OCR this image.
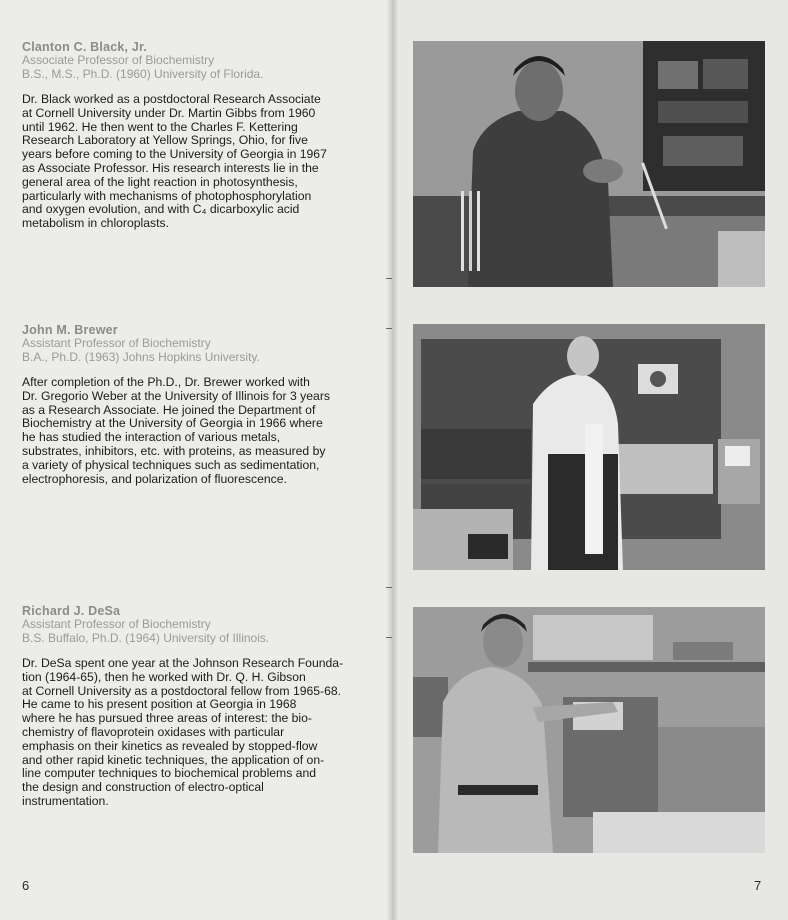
Clanton C. Black, Jr.
Associate Professor of Biochemistry
B.S., M.S., Ph.D. (1960) University of Florida.
Dr. Black worked as a postdoctoral Research Associate
at Cornell University under Dr. Martin Gibbs from 1960
until 1962. He then went to the Charles F. Kettering
Research Laboratory at Yellow Springs, Ohio, for five
years before coming to the University of Georgia in 1967
as Associate Professor. His research interests lie in the
general area of the light reaction in photosynthesis,
particularly with mechanisms of photophosphorylation
and oxygen evolution, and with C₄ dicarboxylic acid
metabolism in chloroplasts.
John M. Brewer
Assistant Professor of Biochemistry
B.A., Ph.D. (1963) Johns Hopkins University.
After completion of the Ph.D., Dr. Brewer worked with
Dr. Gregorio Weber at the University of Illinois for 3 years
as a Research Associate. He joined the Department of
Biochemistry at the University of Georgia in 1966 where
he has studied the interaction of various metals,
substrates, inhibitors, etc. with proteins, as measured by
a variety of physical techniques such as sedimentation,
electrophoresis, and polarization of fluorescence.
Richard J. DeSa
Assistant Professor of Biochemistry
B.S. Buffalo, Ph.D. (1964) University of Illinois.
Dr. DeSa spent one year at the Johnson Research Founda-
tion (1964-65), then he worked with Dr. Q. H. Gibson
at Cornell University as a postdoctoral fellow from 1965-68.
He came to his present position at Georgia in 1968
where he has pursued three areas of interest: the bio-
chemistry of flavoprotein oxidases with particular
emphasis on their kinetics as revealed by stopped-flow
and other rapid kinetic techniques, the application of on-
line computer techniques to biochemical problems and
the design and construction of electro-optical
instrumentation.
6	7
